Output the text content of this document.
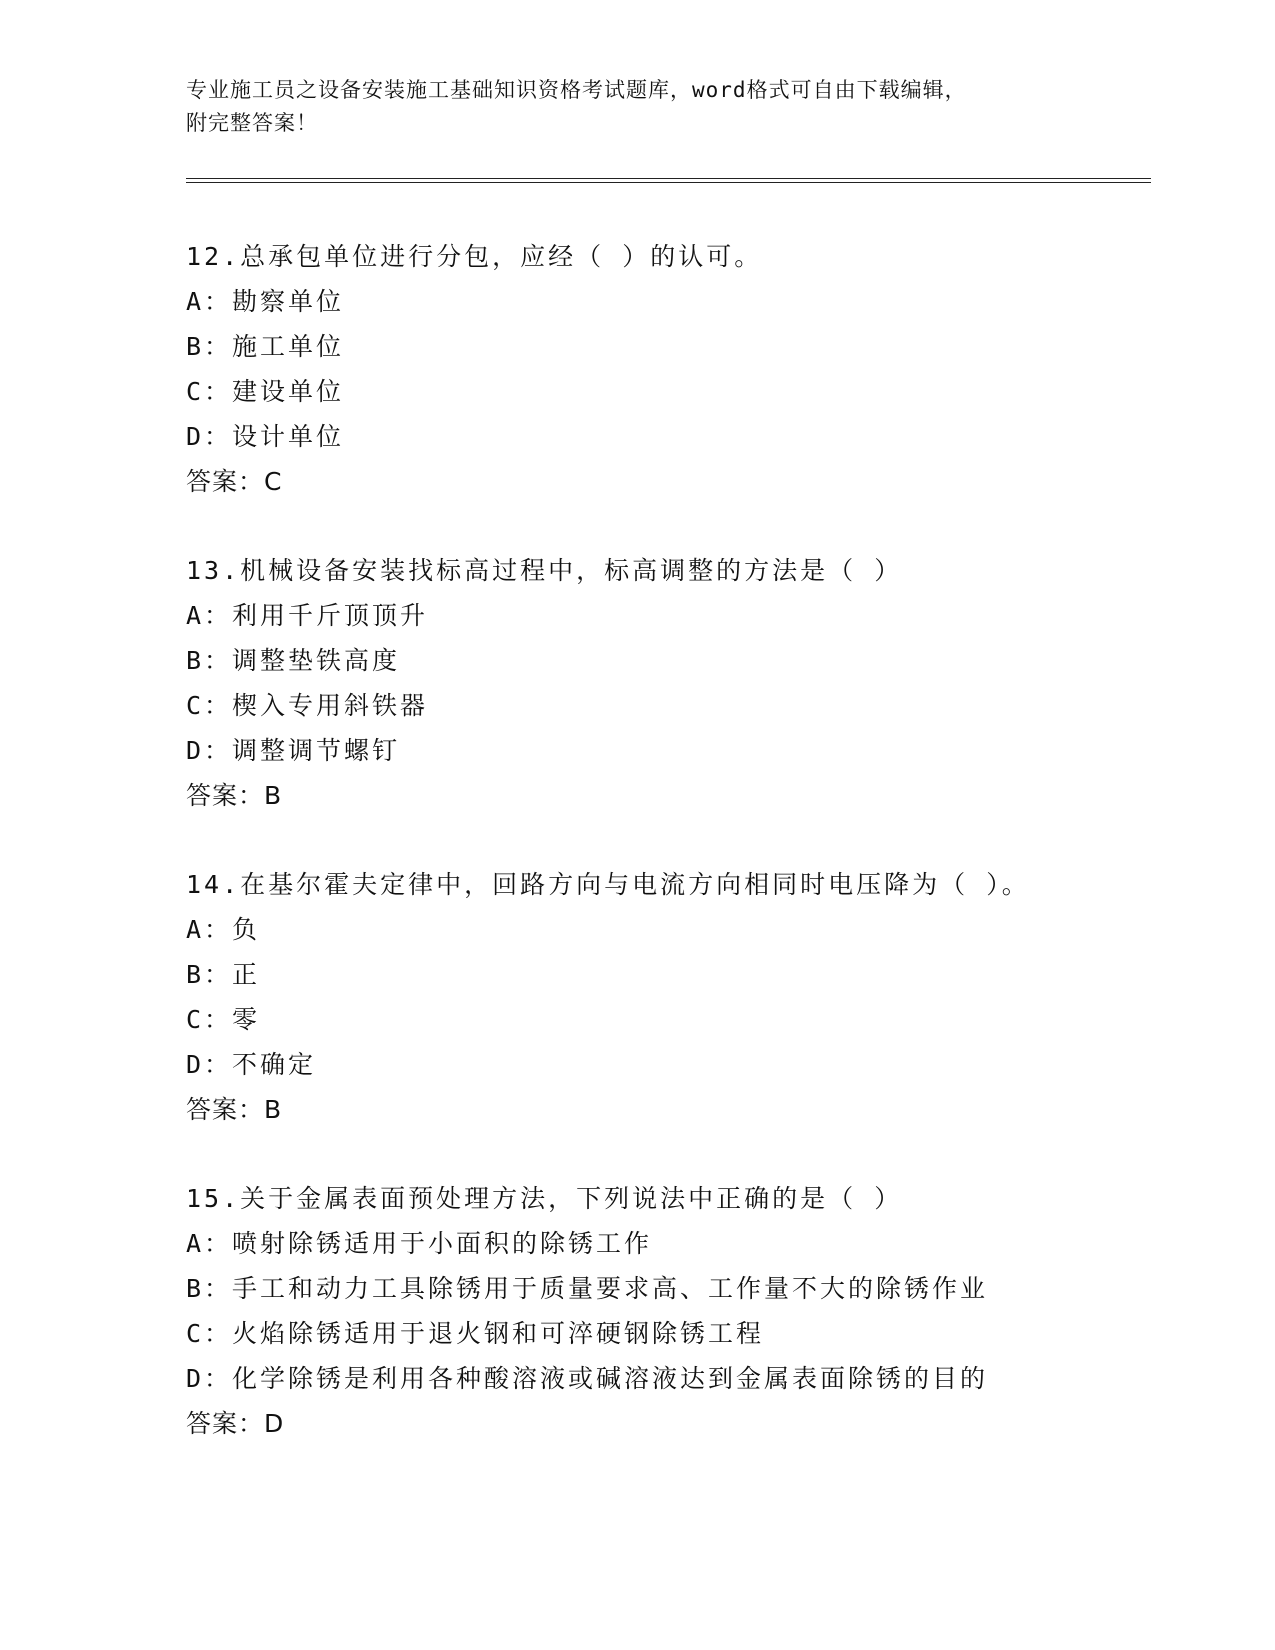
专业施工员之设备安装施工基础知识资格考试题库，word格式可自由下载编辑，
附完整答案！
12.总承包单位进行分包，应经（ ）的认可。
A：勘察单位
B：施工单位
C：建设单位
D：设计单位
答案：C
13.机械设备安装找标高过程中，标高调整的方法是（ ）
A：利用千斤顶顶升
B：调整垫铁高度
C：楔入专用斜铁器
D：调整调节螺钉
答案：B
14.在基尔霍夫定律中，回路方向与电流方向相同时电压降为（ ）。
A：负
B：正
C：零
D：不确定
答案：B
15.关于金属表面预处理方法，下列说法中正确的是（ ）
A：喷射除锈适用于小面积的除锈工作
B：手工和动力工具除锈用于质量要求高、工作量不大的除锈作业
C：火焰除锈适用于退火钢和可淬硬钢除锈工程
D：化学除锈是利用各种酸溶液或碱溶液达到金属表面除锈的目的
答案：D
